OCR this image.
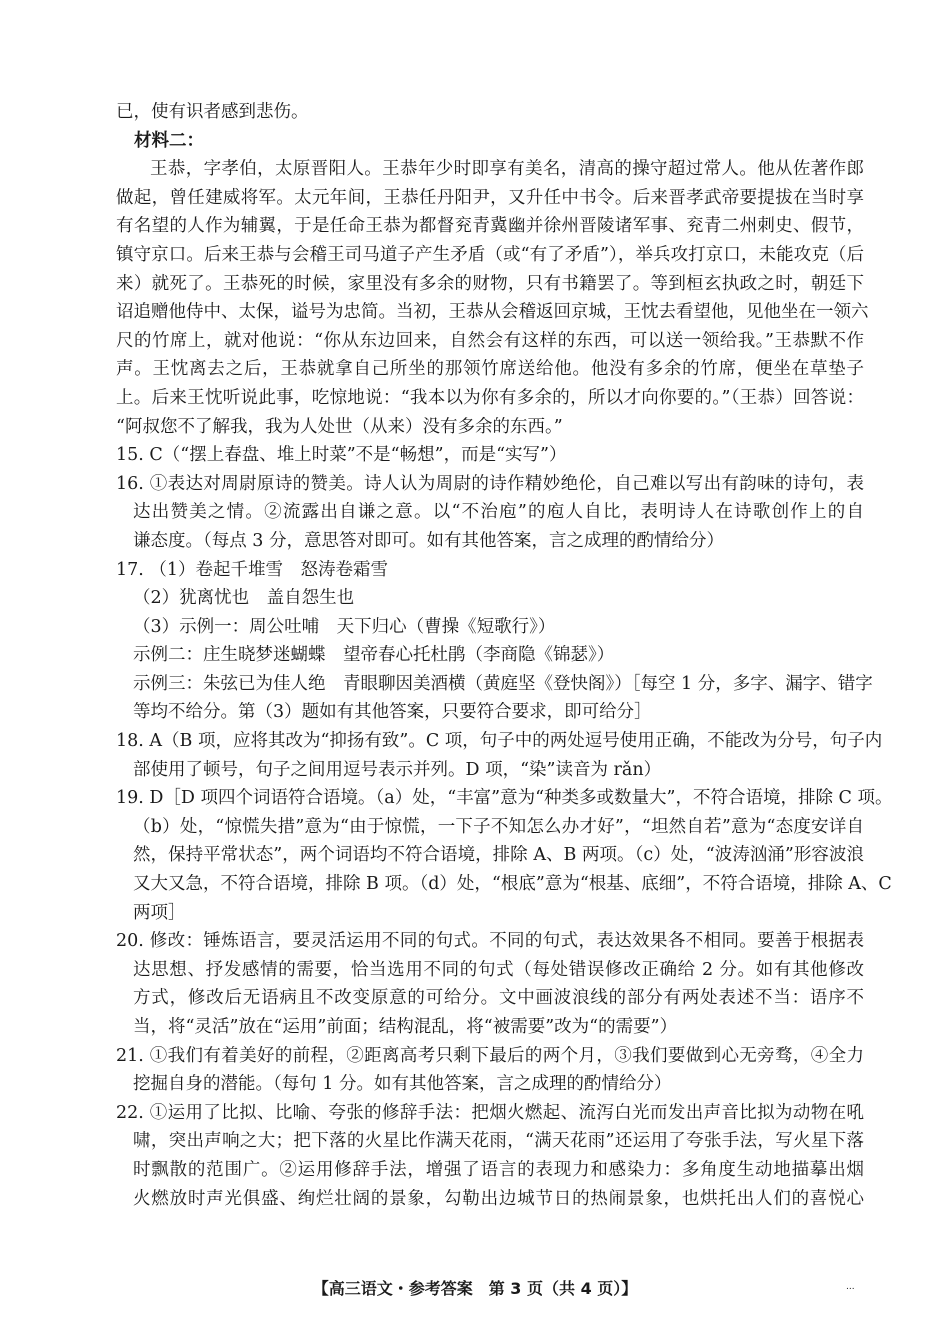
已，使有识者感到悲伤。
材料二：
王恭，字孝伯，太原晋阳人。王恭年少时即享有美名，清高的操守超过常人。他从佐著作郎
做起，曾任建威将军。太元年间，王恭任丹阳尹，又升任中书令。后来晋孝武帝要提拔在当时享
有名望的人作为辅翼，于是任命王恭为都督兖青冀幽并徐州晋陵诸军事、兖青二州刺史、假节，
镇守京口。后来王恭与会稽王司马道子产生矛盾（或“有了矛盾”），举兵攻打京口，未能攻克（后
来）就死了。王恭死的时候，家里没有多余的财物，只有书籍罢了。等到桓玄执政之时，朝廷下
诏追赠他侍中、太保，谥号为忠简。当初，王恭从会稽返回京城，王忱去看望他，见他坐在一领六
尺的竹席上，就对他说：“你从东边回来，自然会有这样的东西，可以送一领给我。”王恭默不作
声。王忱离去之后，王恭就拿自己所坐的那领竹席送给他。他没有多余的竹席，便坐在草垫子
上。后来王忱听说此事，吃惊地说：“我本以为你有多余的，所以才向你要的。”（王恭）回答说：
“阿叔您不了解我，我为人处世（从来）没有多余的东西。”
15. C（“摆上春盘、堆上时菜”不是“畅想”，而是“实写”）
16. ①表达对周尉原诗的赞美。诗人认为周尉的诗作精妙绝伦，自己难以写出有韵味的诗句，表
达出赞美之情。②流露出自谦之意。以“不治庖”的庖人自比，表明诗人在诗歌创作上的自
谦态度。（每点 3 分，意思答对即可。如有其他答案，言之成理的酌情给分）
17. （1）卷起千堆雪　怒涛卷霜雪
（2）犹离忧也　盖自怨生也
（3）示例一：周公吐哺　天下归心（曹操《短歌行》）
示例二：庄生晓梦迷蝴蝶　望帝春心托杜鹃（李商隐《锦瑟》）
示例三：朱弦已为佳人绝　青眼聊因美酒横（黄庭坚《登快阁》）［每空 1 分，多字、漏字、错字
等均不给分。第（3）题如有其他答案，只要符合要求，即可给分］
18. A（B 项，应将其改为“抑扬有致”。C 项，句子中的两处逗号使用正确，不能改为分号，句子内
部使用了顿号，句子之间用逗号表示并列。D 项，“染”读音为 rǎn）
19. D［D 项四个词语符合语境。（a）处，“丰富”意为“种类多或数量大”，不符合语境，排除 C 项。
（b）处，“惊慌失措”意为“由于惊慌，一下子不知怎么办才好”，“坦然自若”意为“态度安详自
然，保持平常状态”，两个词语均不符合语境，排除 A、B 两项。（c）处，“波涛汹涌”形容波浪
又大又急，不符合语境，排除 B 项。（d）处，“根底”意为“根基、底细”，不符合语境，排除 A、C
两项］
20. 修改：锤炼语言，要灵活运用不同的句式。不同的句式，表达效果各不相同。要善于根据表
达思想、抒发感情的需要，恰当选用不同的句式（每处错误修改正确给 2 分。如有其他修改
方式，修改后无语病且不改变原意的可给分。文中画波浪线的部分有两处表述不当：语序不
当，将“灵活”放在“运用”前面；结构混乱，将“被需要”改为“的需要”）
21. ①我们有着美好的前程，②距离高考只剩下最后的两个月，③我们要做到心无旁骛，④全力
挖掘自身的潜能。（每句 1 分。如有其他答案，言之成理的酌情给分）
22. ①运用了比拟、比喻、夸张的修辞手法：把烟火燃起、流泻白光而发出声音比拟为动物在吼
啸，突出声响之大；把下落的火星比作满天花雨，“满天花雨”还运用了夸张手法，写火星下落
时飘散的范围广。②运用修辞手法，增强了语言的表现力和感染力：多角度生动地描摹出烟
火燃放时声光俱盛、绚烂壮阔的景象，勾勒出边城节日的热闹景象，也烘托出人们的喜悦心
【高三语文・参考答案　第 3 页（共 4 页）】	...
